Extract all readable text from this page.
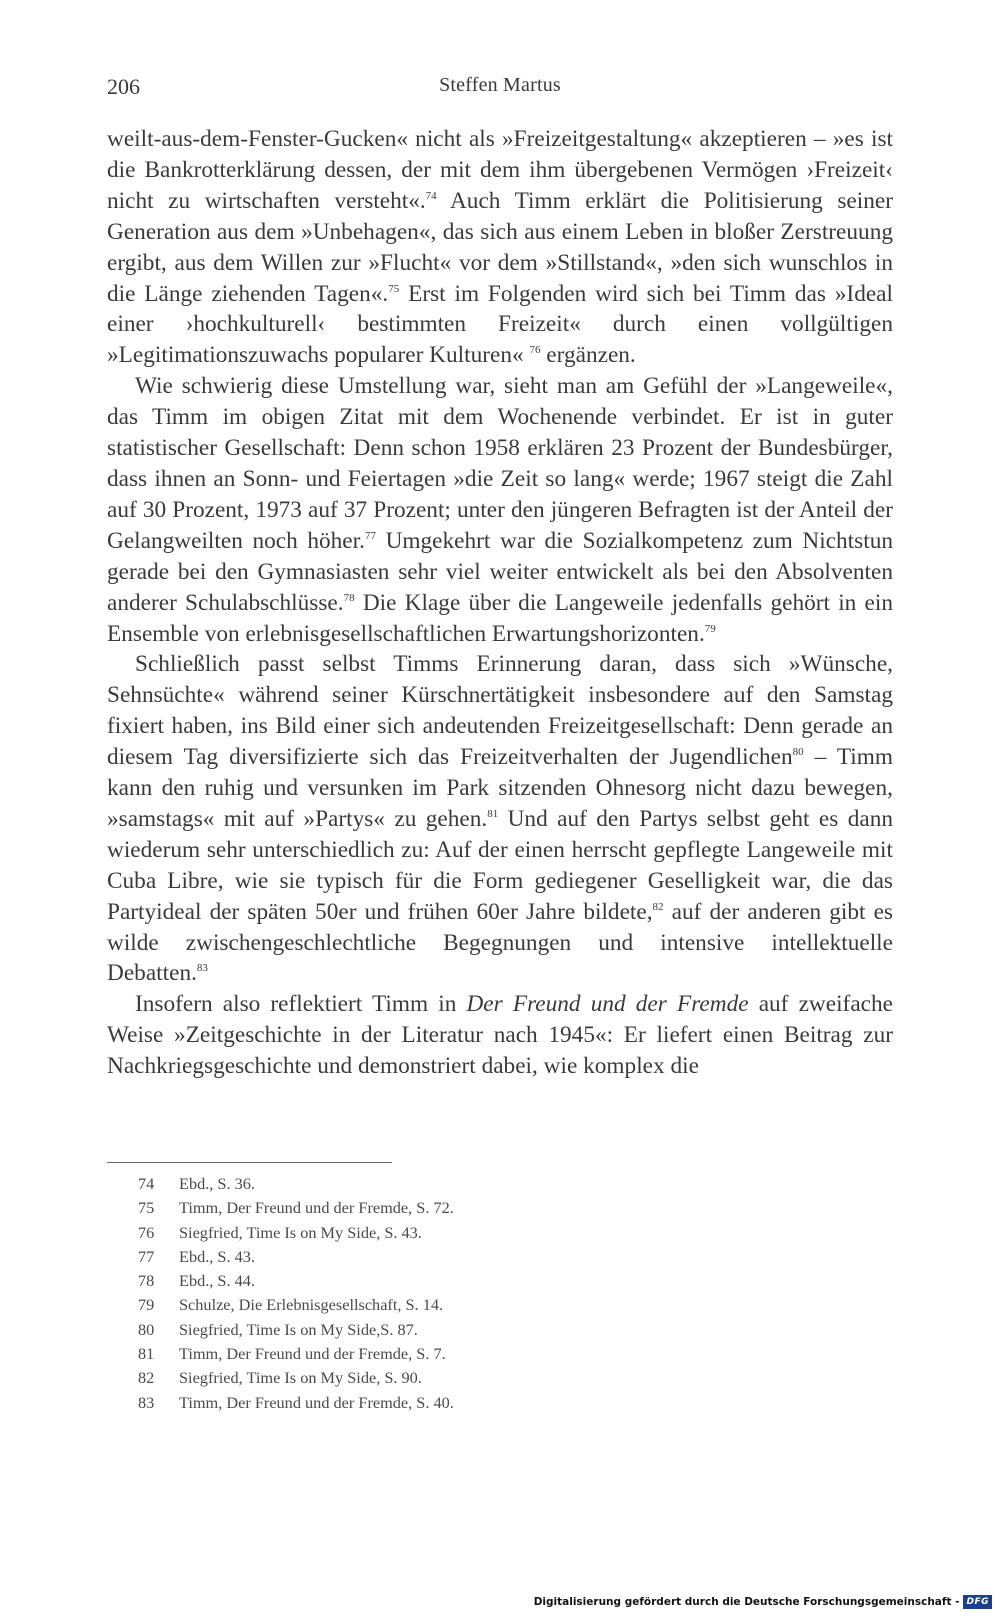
206	Steffen Martus

weilt-aus-dem-Fenster-Gucken« nicht als »Freizeitgestaltung« akzeptieren – »es ist die Bankrotterklärung dessen, der mit dem ihm übergebenen Vermögen ›Freizeit‹ nicht zu wirtschaften versteht«.$^{74}$ Auch Timm erklärt die Politisierung seiner Generation aus dem »Unbehagen«, das sich aus einem Leben in bloßer Zerstreuung ergibt, aus dem Willen zur »Flucht« vor dem »Stillstand«, »den sich wunschlos in die Länge ziehenden Tagen«.$^{75}$ Erst im Folgenden wird sich bei Timm das »Ideal einer ›hochkulturell‹ bestimmten Freizeit« durch einen vollgültigen »Legitimationszuwachs popularer Kulturen« $^{76}$ ergänzen.

Wie schwierig diese Umstellung war, sieht man am Gefühl der »Langeweile«, das Timm im obigen Zitat mit dem Wochenende verbindet. Er ist in guter statistischer Gesellschaft: Denn schon 1958 erklären 23 Prozent der Bundesbürger, dass ihnen an Sonn- und Feiertagen »die Zeit so lang« werde; 1967 steigt die Zahl auf 30 Prozent, 1973 auf 37 Prozent; unter den jüngeren Befragten ist der Anteil der Gelangweilten noch höher.$^{77}$ Umgekehrt war die Sozialkompetenz zum Nichtstun gerade bei den Gymnasiasten sehr viel weiter entwickelt als bei den Absolventen anderer Schulabschlüsse.$^{78}$ Die Klage über die Langeweile jedenfalls gehört in ein Ensemble von erlebnisgesellschaftlichen Erwartungshorizonten.$^{79}$

Schließlich passt selbst Timms Erinnerung daran, dass sich »Wünsche, Sehnsüchte« während seiner Kürschnertätigkeit insbesondere auf den Samstag fixiert haben, ins Bild einer sich andeutenden Freizeitgesellschaft: Denn gerade an diesem Tag diversifizierte sich das Freizeitverhalten der Jugendlichen$^{80}$ – Timm kann den ruhig und versunken im Park sitzenden Ohnesorg nicht dazu bewegen, »samstags« mit auf »Partys« zu gehen.$^{81}$ Und auf den Partys selbst geht es dann wiederum sehr unterschiedlich zu: Auf der einen herrscht gepflegte Langeweile mit Cuba Libre, wie sie typisch für die Form gediegener Geselligkeit war, die das Partyideal der späten 50er und frühen 60er Jahre bildete,$^{82}$ auf der anderen gibt es wilde zwischengeschlechtliche Begegnungen und intensive intellektuelle Debatten.$^{83}$

Insofern also reflektiert Timm in Der Freund und der Fremde auf zweifache Weise »Zeitgeschichte in der Literatur nach 1945«: Er liefert einen Beitrag zur Nachkriegsgeschichte und demonstriert dabei, wie komplex die

74	Ebd., S. 36.
75	Timm, Der Freund und der Fremde, S. 72.
76	Siegfried, Time Is on My Side, S. 43.
77	Ebd., S. 43.
78	Ebd., S. 44.
79	Schulze, Die Erlebnisgesellschaft, S. 14.
80	Siegfried, Time Is on My Side,S. 87.
81	Timm, Der Freund und der Fremde, S. 7.
82	Siegfried, Time Is on My Side, S. 90.
83	Timm, Der Freund und der Fremde, S. 40.
Digitalisierung gefördert durch die Deutsche Forschungsgemeinschaft - DFG
